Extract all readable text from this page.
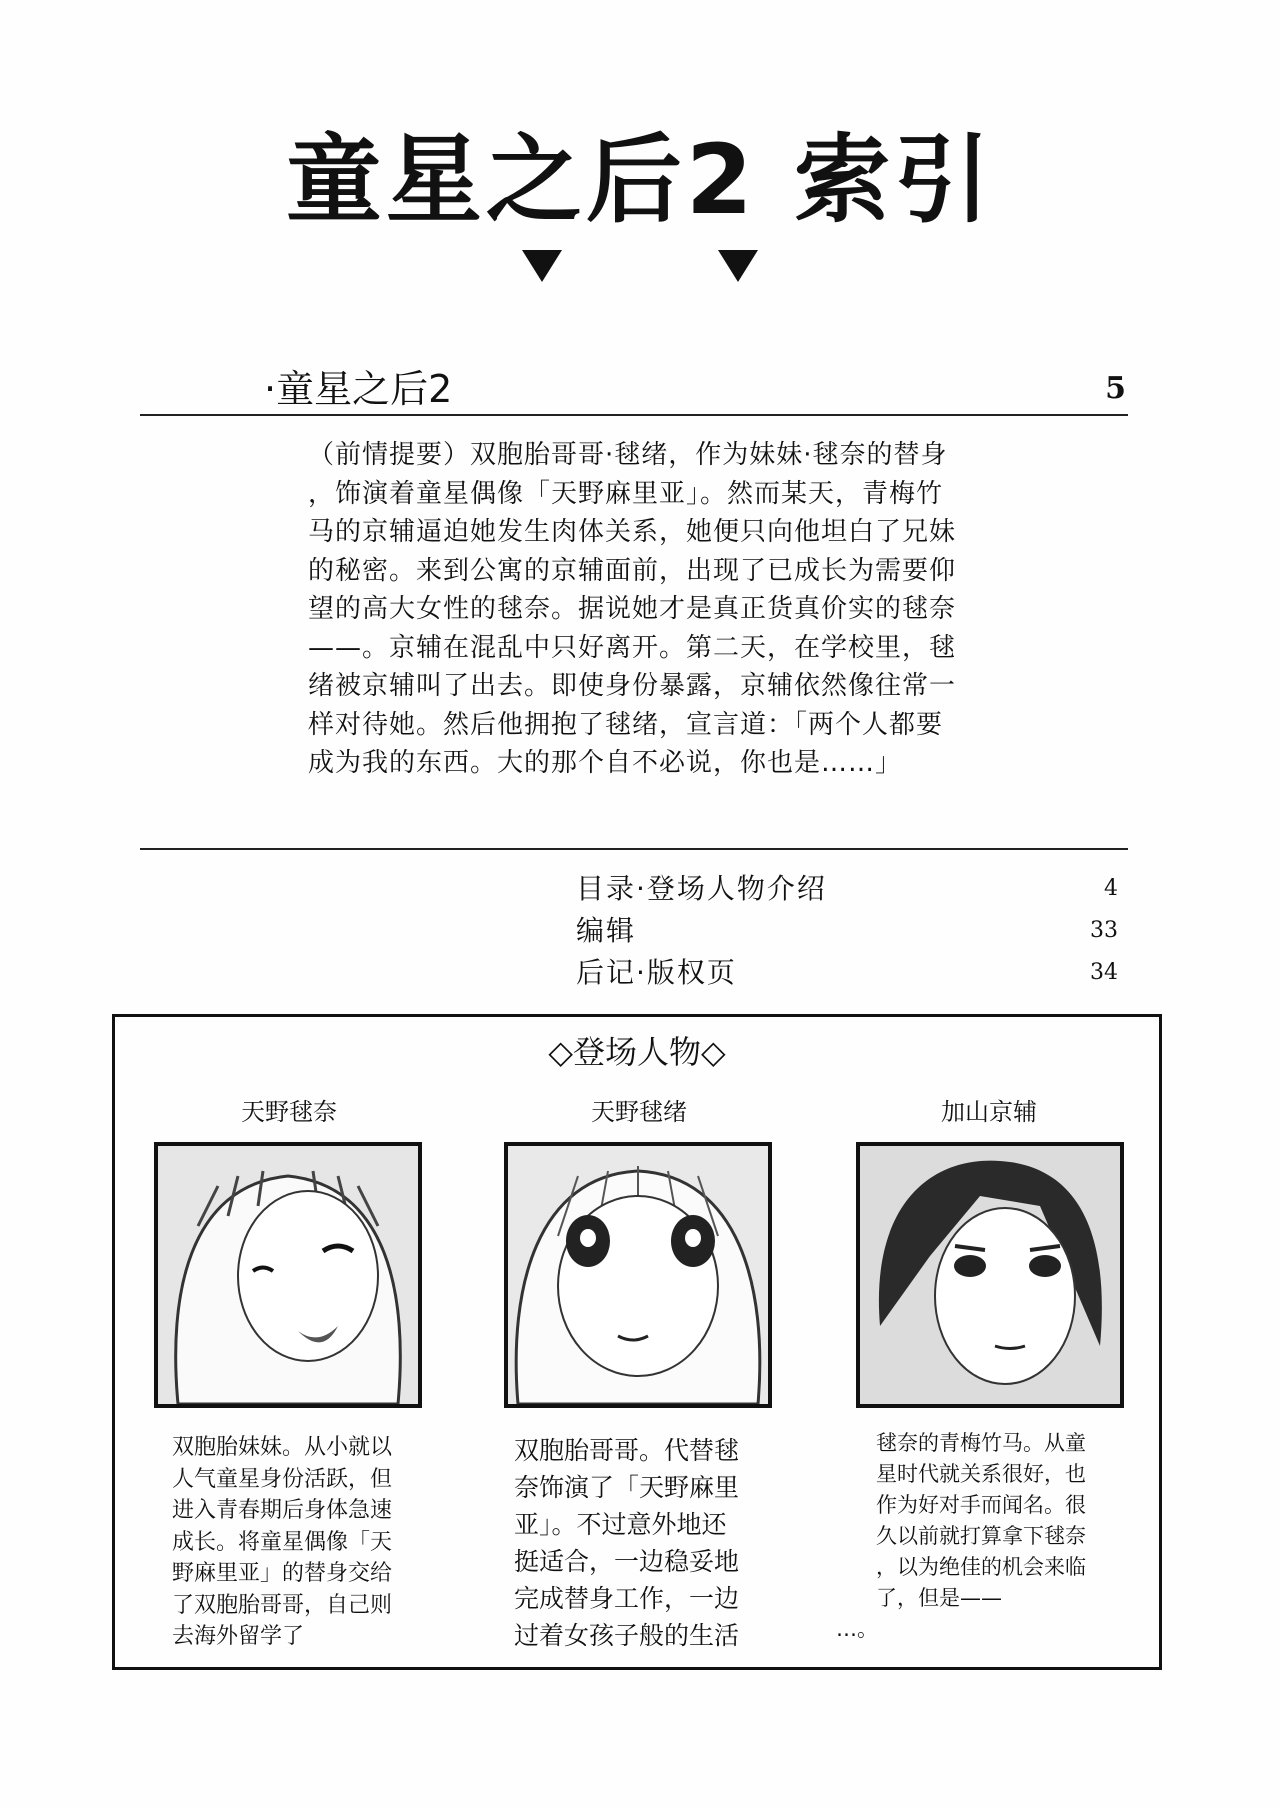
童星之后2 索引
·童星之后2	5

（前情提要）双胞胎哥哥·毬绪，作为妹妹·毬奈的替身

，饰演着童星偶像「天野麻里亚」。然而某天，青梅竹

马的京辅逼迫她发生肉体关系，她便只向他坦白了兄妹

的秘密。来到公寓的京辅面前，出现了已成长为需要仰

望的高大女性的毬奈。据说她才是真正货真价实的毬奈

——。京辅在混乱中只好离开。第二天，在学校里，毬

绪被京辅叫了出去。即使身份暴露，京辅依然像往常一

样对待她。然后他拥抱了毬绪，宣言道：「两个人都要

成为我的东西。大的那个自不必说，你也是……」

目录·登场人物介绍	4
编辑	33
后记·版权页	34
◇登场人物◇
天野毬奈

双胞胎妹妹。从小就以

人气童星身份活跃，但

进入青春期后身体急速

成长。将童星偶像「天

野麻里亚」的替身交给

了双胞胎哥哥，自己则

去海外留学了

天野毬绪

双胞胎哥哥。代替毬

奈饰演了「天野麻里

亚」。不过意外地还

挺适合，一边稳妥地

完成替身工作，一边

过着女孩子般的生活

加山京辅

毬奈的青梅竹马。从童

星时代就关系很好，也

作为好对手而闻名。很

久以前就打算拿下毬奈

，以为绝佳的机会来临

了，但是——

…。
